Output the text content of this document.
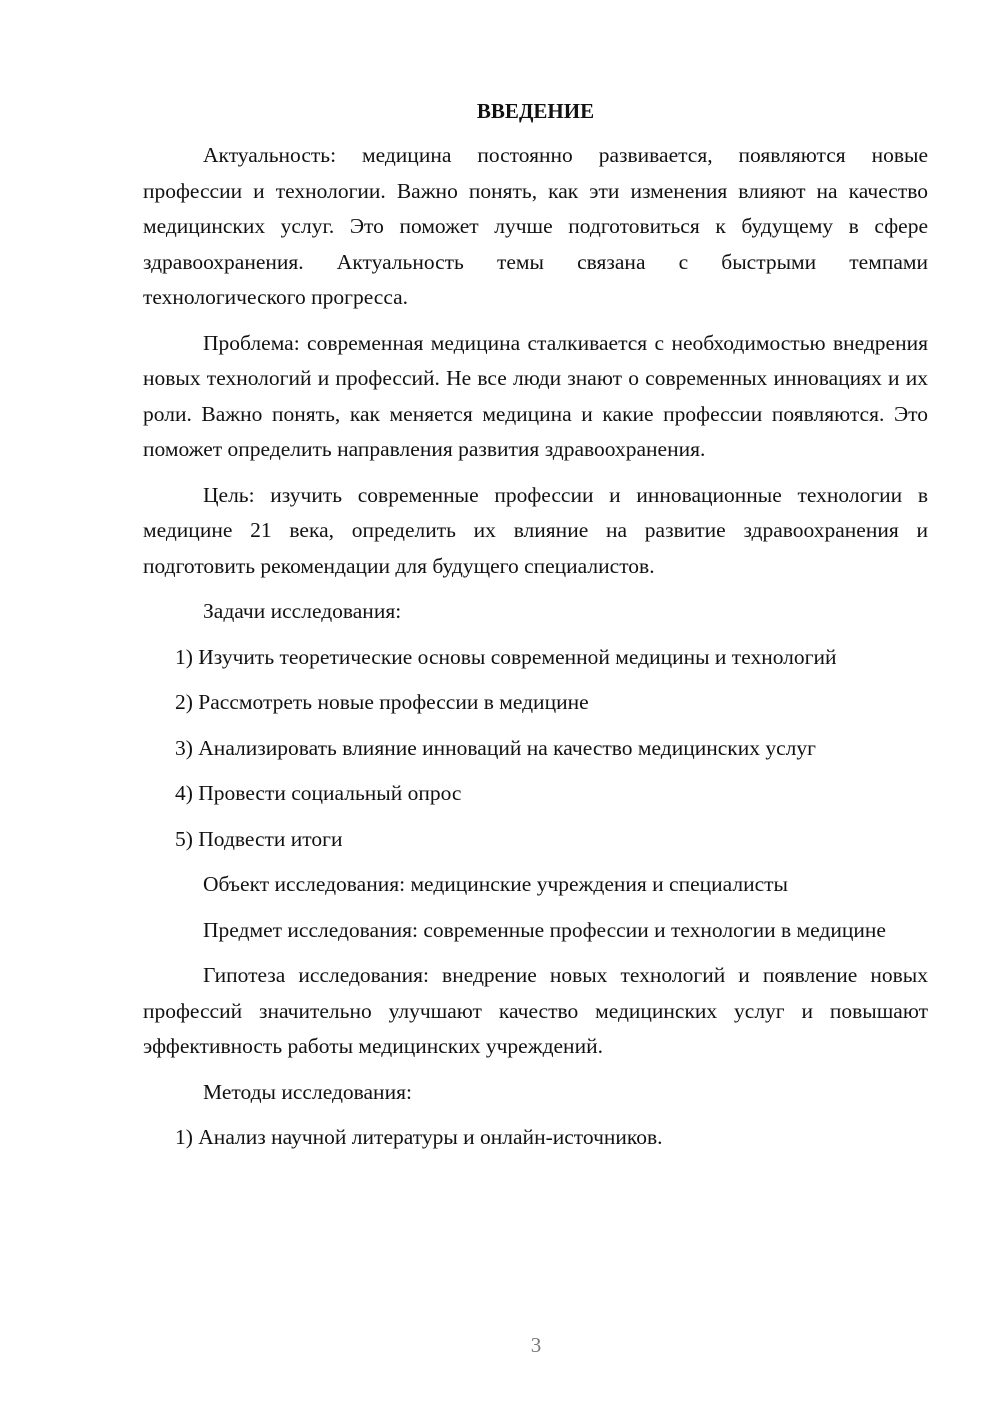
ВВЕДЕНИЕ

Актуальность: медицина постоянно развивается, появляются новые профессии и технологии. Важно понять, как эти изменения влияют на качество медицинских услуг. Это поможет лучше подготовиться к будущему в сфере здравоохранения. Актуальность темы связана с быстрыми темпами технологического прогресса.

Проблема: современная медицина сталкивается с необходимостью внедрения новых технологий и профессий. Не все люди знают о современных инновациях и их роли. Важно понять, как меняется медицина и какие профессии появляются. Это поможет определить направления развития здравоохранения.

Цель: изучить современные профессии и инновационные технологии в медицине 21 века, определить их влияние на развитие здравоохранения и подготовить рекомендации для будущего специалистов.

Задачи исследования:

1) Изучить теоретические основы современной медицины и технологий

2) Рассмотреть новые профессии в медицине

3) Анализировать влияние инноваций на качество медицинских услуг

4) Провести социальный опрос

5) Подвести итоги

Объект исследования: медицинские учреждения и специалисты

Предмет исследования: современные профессии и технологии в медицине

Гипотеза исследования: внедрение новых технологий и появление новых профессий значительно улучшают качество медицинских услуг и повышают эффективность работы медицинских учреждений.

Методы исследования:

1) Анализ научной литературы и онлайн-источников.

3
